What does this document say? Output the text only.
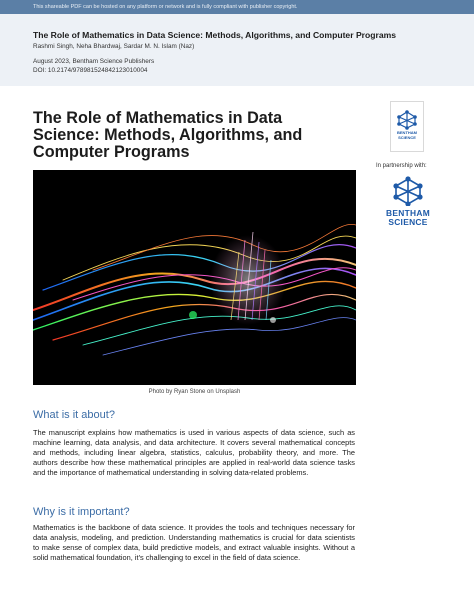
This shareable PDF can be hosted on any platform or network and is fully compliant with publisher copyright.
The Role of Mathematics in Data Science: Methods, Algorithms, and Computer Programs
Rashmi Singh, Neha Bhardwaj, Sardar M. N. Islam (Naz)
August 2023, Bentham Science Publishers
DOI: 10.2174/97898152484212301000​4
The Role of Mathematics in Data Science: Methods, Algorithms, and Computer Programs
Photo by Ryan Stone on Unsplash
What is it about?
The manuscript explains how mathematics is used in various aspects of data science, such as machine learning, data analysis, and data architecture. It covers several mathematical concepts and methods, including linear algebra, statistics, calculus, probability theory, and more. The authors describe how these mathematical principles are applied in real-world data science tasks and the importance of mathematical understanding in solving data-related problems.
Why is it important?
Mathematics is the backbone of data science. It provides the tools and techniques necessary for data analysis, modeling, and prediction. Understanding mathematics is crucial for data scientists to make sense of complex data, build predictive models, and extract valuable insights. Without a solid mathematical foundation, it's challenging to excel in the field of data science.
BENTHAM
SCIENCE
In partnership with:
BENTHAM
SCIENCE
